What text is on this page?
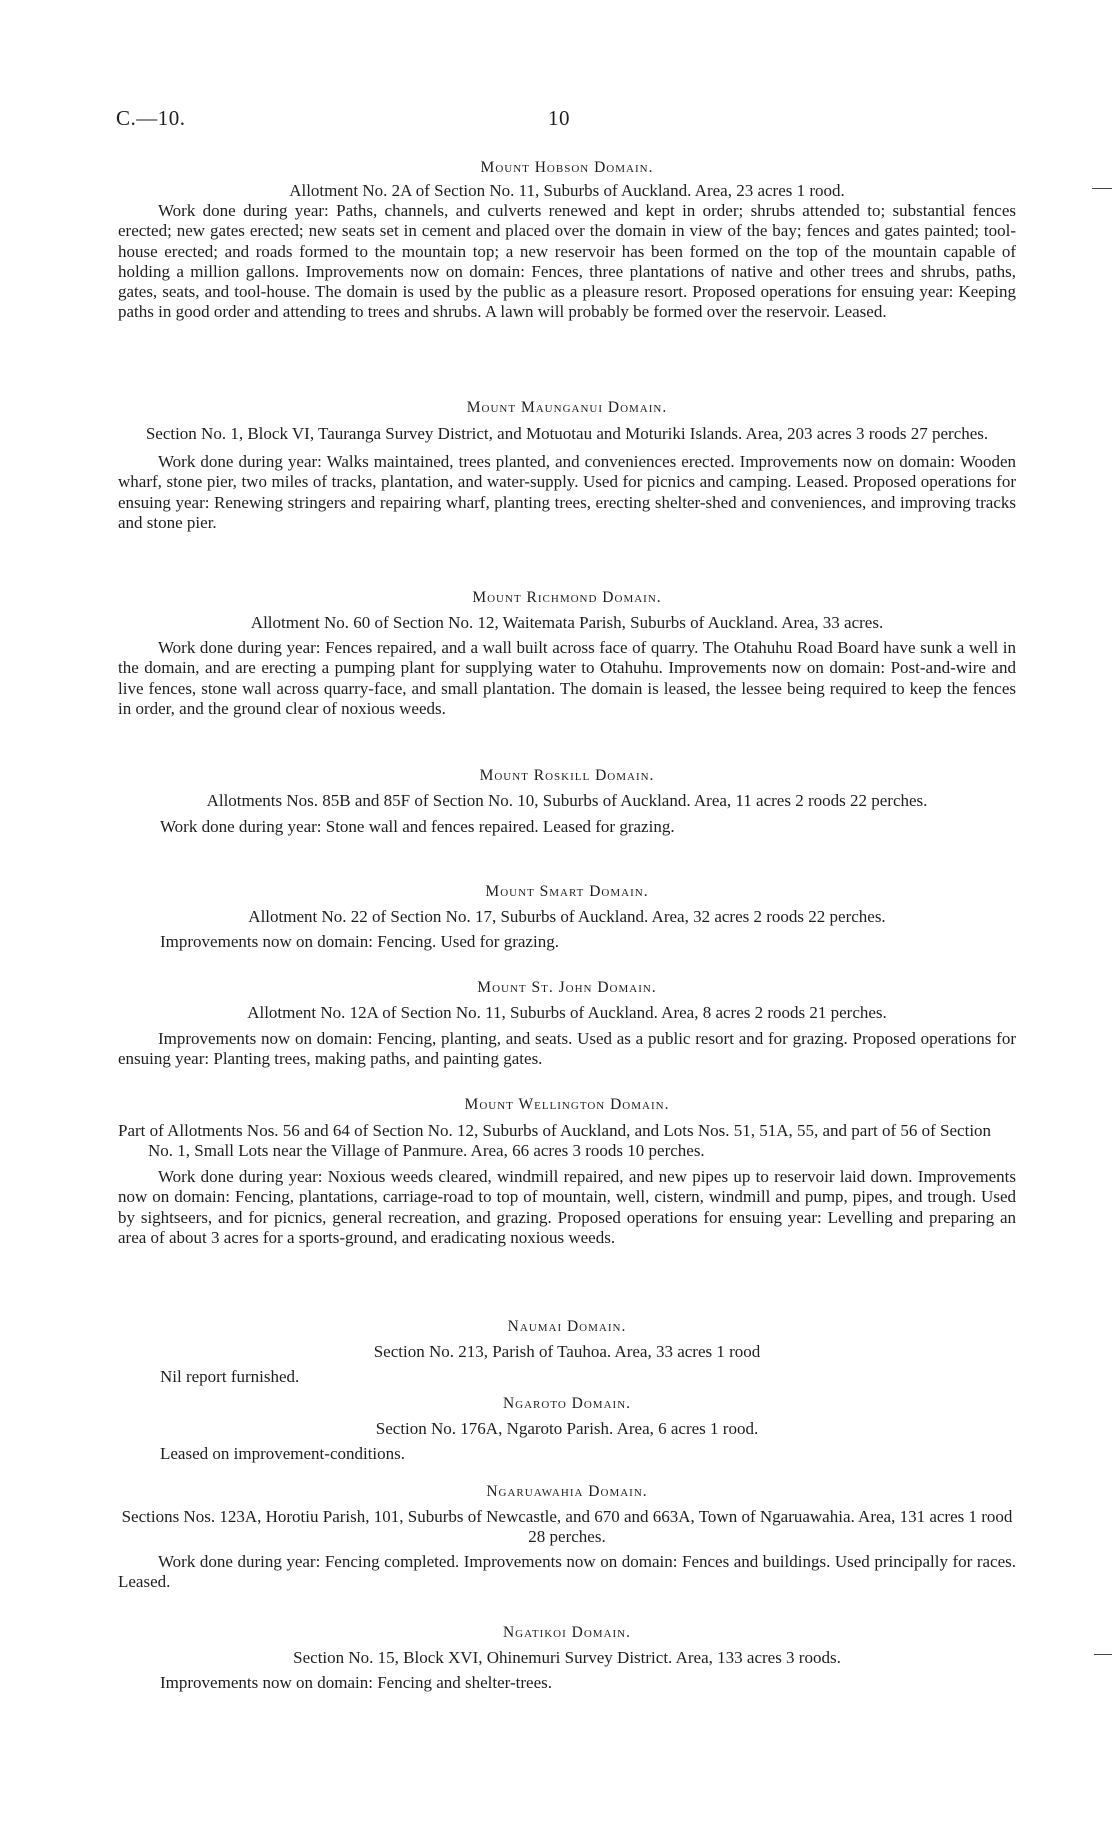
C.—10.	10

Mount Hobson Domain.

Allotment No. 2A of Section No. 11, Suburbs of Auckland. Area, 23 acres 1 rood.

Work done during year: Paths, channels, and culverts renewed and kept in order; shrubs attended to; substantial fences erected; new gates erected; new seats set in cement and placed over the domain in view of the bay; fences and gates painted; tool-house erected; and roads formed to the mountain top; a new reservoir has been formed on the top of the mountain capable of holding a million gallons. Improvements now on domain: Fences, three plantations of native and other trees and shrubs, paths, gates, seats, and tool-house. The domain is used by the public as a pleasure resort. Proposed operations for ensuing year: Keeping paths in good order and attending to trees and shrubs. A lawn will probably be formed over the reservoir. Leased.

Mount Maunganui Domain.

Section No. 1, Block VI, Tauranga Survey District, and Motuotau and Moturiki Islands. Area, 203 acres 3 roods 27 perches.

Work done during year: Walks maintained, trees planted, and conveniences erected. Improvements now on domain: Wooden wharf, stone pier, two miles of tracks, plantation, and water-supply. Used for picnics and camping. Leased. Proposed operations for ensuing year: Renewing stringers and repairing wharf, planting trees, erecting shelter-shed and conveniences, and improving tracks and stone pier.

Mount Richmond Domain.

Allotment No. 60 of Section No. 12, Waitemata Parish, Suburbs of Auckland. Area, 33 acres.

Work done during year: Fences repaired, and a wall built across face of quarry. The Otahuhu Road Board have sunk a well in the domain, and are erecting a pumping plant for supplying water to Otahuhu. Improvements now on domain: Post-and-wire and live fences, stone wall across quarry-face, and small plantation. The domain is leased, the lessee being required to keep the fences in order, and the ground clear of noxious weeds.

Mount Roskill Domain.

Allotments Nos. 85B and 85F of Section No. 10, Suburbs of Auckland. Area, 11 acres 2 roods 22 perches.

Work done during year: Stone wall and fences repaired. Leased for grazing.

Mount Smart Domain.

Allotment No. 22 of Section No. 17, Suburbs of Auckland. Area, 32 acres 2 roods 22 perches.

Improvements now on domain: Fencing. Used for grazing.

Mount St. John Domain.

Allotment No. 12A of Section No. 11, Suburbs of Auckland. Area, 8 acres 2 roods 21 perches.

Improvements now on domain: Fencing, planting, and seats. Used as a public resort and for grazing. Proposed operations for ensuing year: Planting trees, making paths, and painting gates.

Mount Wellington Domain.

Part of Allotments Nos. 56 and 64 of Section No. 12, Suburbs of Auckland, and Lots Nos. 51, 51A, 55, and part of 56 of Section No. 1, Small Lots near the Village of Panmure. Area, 66 acres 3 roods 10 perches.

Work done during year: Noxious weeds cleared, windmill repaired, and new pipes up to reservoir laid down. Improvements now on domain: Fencing, plantations, carriage-road to top of mountain, well, cistern, windmill and pump, pipes, and trough. Used by sightseers, and for picnics, general recreation, and grazing. Proposed operations for ensuing year: Levelling and preparing an area of about 3 acres for a sports-ground, and eradicating noxious weeds.

Naumai Domain.

Section No. 213, Parish of Tauhoa. Area, 33 acres 1 rood

Nil report furnished.

Ngaroto Domain.

Section No. 176A, Ngaroto Parish. Area, 6 acres 1 rood.

Leased on improvement-conditions.

Ngaruawahia Domain.

Sections Nos. 123A, Horotiu Parish, 101, Suburbs of Newcastle, and 670 and 663A, Town of Ngaruawahia. Area, 131 acres 1 rood 28 perches.

Work done during year: Fencing completed. Improvements now on domain: Fences and buildings. Used principally for races. Leased.

Ngatikoi Domain.

Section No. 15, Block XVI, Ohinemuri Survey District. Area, 133 acres 3 roods.

Improvements now on domain: Fencing and shelter-trees.
